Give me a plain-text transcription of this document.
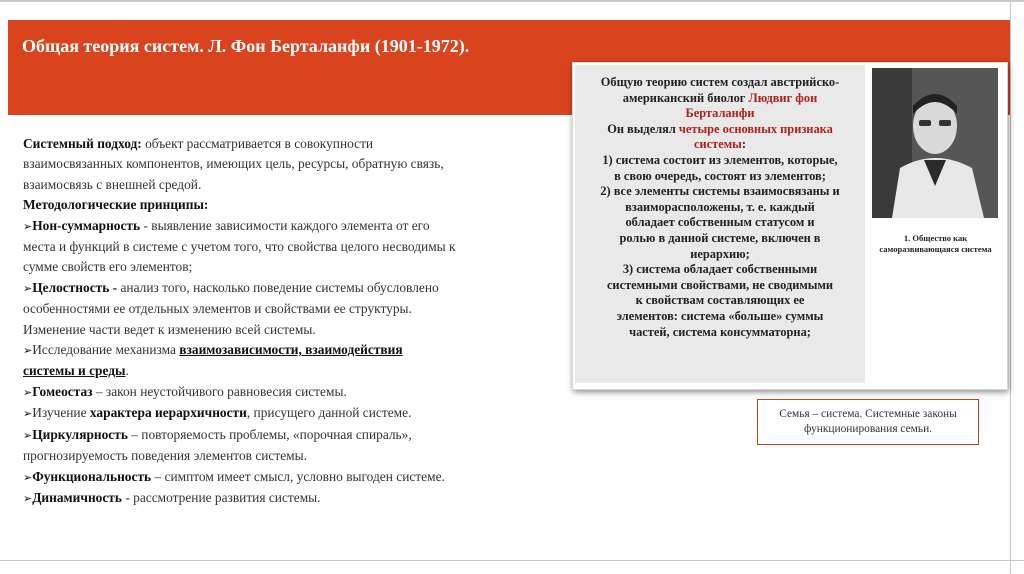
Общая теория систем. Л. Фон Берталанфи (1901-1972).
Системный подход: объект рассматривается в совокупности
взаимосвязанных компонентов, имеющих цель, ресурсы, обратную связь,
взаимосвязь с внешней средой.
Методологические принципы:
➢Нон-суммарность - выявление зависимости каждого элемента от его
места и функций в системе с учетом того, что свойства целого несводимы к
сумме свойств его элементов;
➢Целостность - анализ того, насколько поведение системы обусловлено
особенностями ее отдельных элементов и свойствами ее структуры.
Изменение части ведет к изменению всей системы.
➢Исследование механизма взаимозависимости, взаимодействия
системы и среды.
➢Гомеостаз – закон неустойчивого равновесия системы.
➢Изучение характера иерархичности, присущего данной системе.
➢Циркулярность – повторяемость проблемы, «порочная спираль»,
прогнозируемость поведения элементов системы.
➢Функциональность – симптом имеет смысл, условно выгоден системе.
➢Динамичность - рассмотрение развития системы.
Общую теорию систем создал австрийско-
американский биолог Людвиг фон
Берталанфи
Он выделял четыре основных признака
системы:
1) система состоит из элементов, которые,
в свою очередь, состоят из элементов;
2) все элементы системы взаимосвязаны и
взаиморасположены, т. е. каждый
обладает собственным статусом и
ролью в данной системе, включен в
иерархию;
3) система обладает собственными
системными свойствами, не сводимыми
к свойствам составляющих ее
элементов: система «больше» суммы
частей, система консумматорна;
1. Общество как саморазвивающаяся система
Семья – система. Системные законы функционирования семьи.
